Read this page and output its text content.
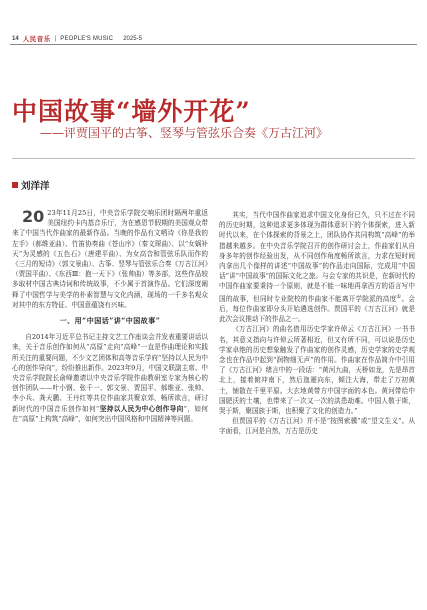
14 人民音乐 | PEOPLE'S MUSIC 2025-5
中国故事“墙外开花”
——评贾国平的古筝、竖琴与管弦乐合奏《万古江河》
刘洋洋

20 23年11月25日，中央音乐学院交响乐团时隔两年重返美国纽约卡内基音乐厅，为在感恩节假期的美国观众带来了中国当代作曲家的最新作品。当晚的作品有文哂诗《你是我的左手》（郝维亚曲）、竹笛协奏曲《苍山序》（秦文琛曲）、以“女娲补天”为灵感的《五色石》（唐建平曲）、为女高音和管弦乐队而作的《三月的短诗》（郭文景曲）、古筝、竖琴与管弦乐合奏《万古江河》（贾国平曲）、《东西Ⅲ：抱一天下》（张帅曲）等多部，这些作品较多取材中国古典诗词和传统故事，不少属于首演作品。它们深度阐释了中国哲学与美学的朴素智慧与文化内涵，现场的一千多名观众对其中的东方特征、中国意蕴饶有兴味。

一、用“中国话”讲“中国故事”

自2014年习近平总书记主持文艺工作座谈会并发表重要讲话以来，关于音乐创作如何从“高原”走向“高峰”一直是作曲理论和实践所关注的重要问题，不少文艺团体和高等音乐学府“坚持以人民为中心的创作导向”，纷纷推出新作。2023年9月，中国文联副主席、中央音乐学院院长俞峰邀请以中央音乐学院作曲教研室专家为核心的创作团队——叶小钢、张千一、郭文景、贾国平、郝维亚、张帅、李小兵、龚天鹏、王丹红等共位作曲家共聚京郊，畅所欲言，研讨新时代的中国音乐创作如何“坚持以人民为中心创作导向”，如何在“高原”上构筑“高峰”，如何突出中国风格和中国精神等问题。

其实，当代中国作曲家追求中国文化身份已久，只不过在不同的历史时期，这种追求更多体现为群体意识下的个体探索，进入新时代以来，在个体探索的背景之上，团队协作共同构筑“高峰”的举措越来越多。在中央音乐学院召开的创作研讨会上，作曲家们从自身多年的创作经验出发，从不同创作角度畅所欲言，力求在短时间内拿出几个像样的讲述“中国故事”的作品走向国际，完成用“中国话”讲“中国故事”的国际文化之旅。与会专家的共识是，在新时代的中国作曲家要秉持一个原则，就是不能一味地再拿西方的语言写中国的故事，但同时专业院校的作曲家不能离开学院派的高度①。会后，每位作曲家即分头开始遴选创作。贾国平的《万古江河》就是此次会议推动下的作品之一。

《万古江河》的曲名借用历史学家许倬云《万古江河》一书书名，其意义指向与许倬云所著相近，但又有所不同，可以说是历史学家卓绝的历史想象触发了作曲家的创作灵感，历史学家的史学观念也在作品中起到“润物细无声”的作用。作曲家在作品简介中引用了《万古江河》绪言中的一段话：“黄河九曲，天桥如龙，先是昂首北上，接着俯冲南下，然后迤逦向东，倾注大海，带走了万初黄土，铺散在千里平原。大玄地黄带方中国字面的本色。黄河带给中国肥沃的土壤，也带来了一次又一次的洪患劫难。中国人敬于斯，哭于斯，聚国族于斯，也积聚了文化的创造力。”

但贾国平的《万古江河》并不是“按图索骥”或“望文生义”。从字面看，江河是自然，万古是历史
